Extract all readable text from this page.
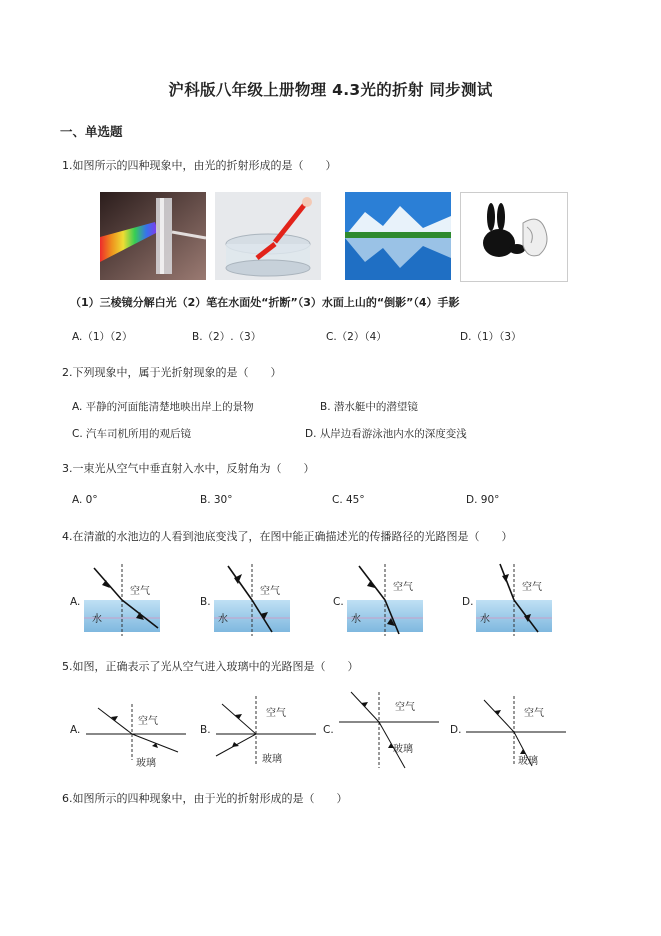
沪科版八年级上册物理 4.3光的折射 同步测试
一、单选题
1.如图所示的四种现象中，由光的折射形成的是（　　）
（1）三棱镜分解白光（2）笔在水面处“折断”（3）水面上山的“倒影”（4）手影
A.（1）（2）	B.（2）.（3）	C.（2）（4）	D.（1）（3）
2.下列现象中，属于光折射现象的是（　　）
A. 平静的河面能清楚地映出岸上的景物	B. 潜水艇中的潜望镜
C. 汽车司机所用的观后镜	D. 从岸边看游泳池内水的深度变浅
3.一束光从空气中垂直射入水中，反射角为（　　）
A. 0°	B. 30°	C. 45°	D. 90°
4.在清澈的水池边的人看到池底变浅了，在图中能正确描述光的传播路径的光路图是（　　）
A.
空气
水
B.
空气
水
C.
空气
水
D.
空气
水
5.如图，正确表示了光从空气进入玻璃中的光路图是（　　）
A.
空气
玻璃
B.
空气
玻璃
C.
空气
玻璃
D.
空气
玻璃
6.如图所示的四种现象中，由于光的折射形成的是（　　）
